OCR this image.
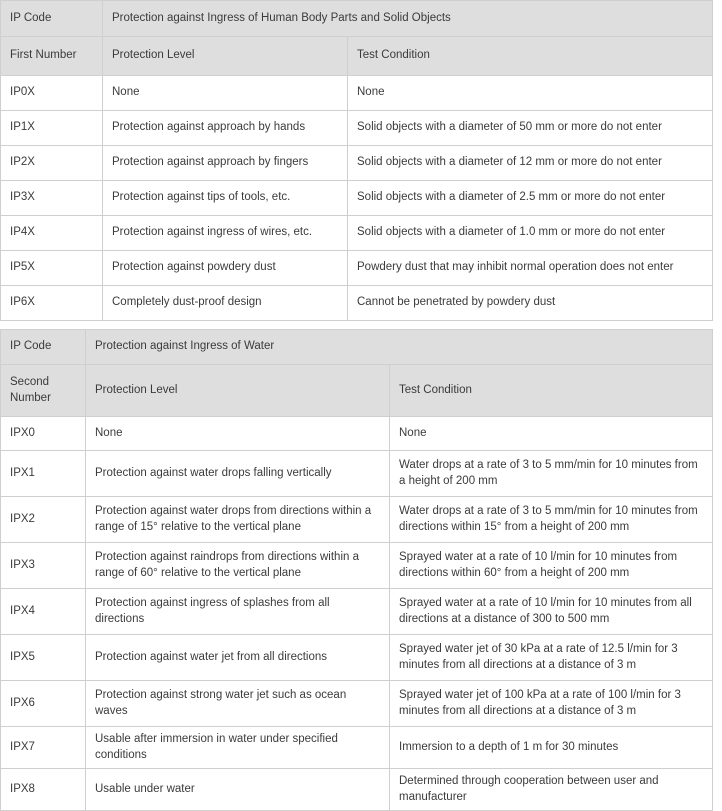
IP Code	Protection against Ingress of Human Body Parts and Solid Objects	
First Number	Protection Level	Test Condition
IP0X	None	None
IP1X	Protection against approach by hands	Solid objects with a diameter of 50 mm or more do not enter
IP2X	Protection against approach by fingers	Solid objects with a diameter of 12 mm or more do not enter
IP3X	Protection against tips of tools, etc.	Solid objects with a diameter of 2.5 mm or more do not enter
IP4X	Protection against ingress of wires, etc.	Solid objects with a diameter of 1.0 mm or more do not enter
IP5X	Protection against powdery dust	Powdery dust that may inhibit normal operation does not enter
IP6X	Completely dust-proof design	Cannot be penetrated by powdery dust
IP Code	Protection against Ingress of Water	
Second Number	Protection Level	Test Condition
IPX0	None	None
IPX1	Protection against water drops falling vertically	Water drops at a rate of 3 to 5 mm/min for 10 minutes from a height of 200 mm
IPX2	Protection against water drops from directions within a range of 15° relative to the vertical plane	Water drops at a rate of 3 to 5 mm/min for 10 minutes from directions within 15° from a height of 200 mm
IPX3	Protection against raindrops from directions within a range of 60° relative to the vertical plane	Sprayed water at a rate of 10 l/min for 10 minutes from directions within 60° from a height of 200 mm
IPX4	Protection against ingress of splashes from all directions	Sprayed water at a rate of 10 l/min for 10 minutes from all directions at a distance of 300 to 500 mm
IPX5	Protection against water jet from all directions	Sprayed water jet of 30 kPa at a rate of 12.5 l/min for 3 minutes from all directions at a distance of 3 m
IPX6	Protection against strong water jet such as ocean waves	Sprayed water jet of 100 kPa at a rate of 100 l/min for 3 minutes from all directions at a distance of 3 m
IPX7	Usable after immersion in water under specified conditions	Immersion to a depth of 1 m for 30 minutes
IPX8	Usable under water	Determined through cooperation between user and manufacturer
